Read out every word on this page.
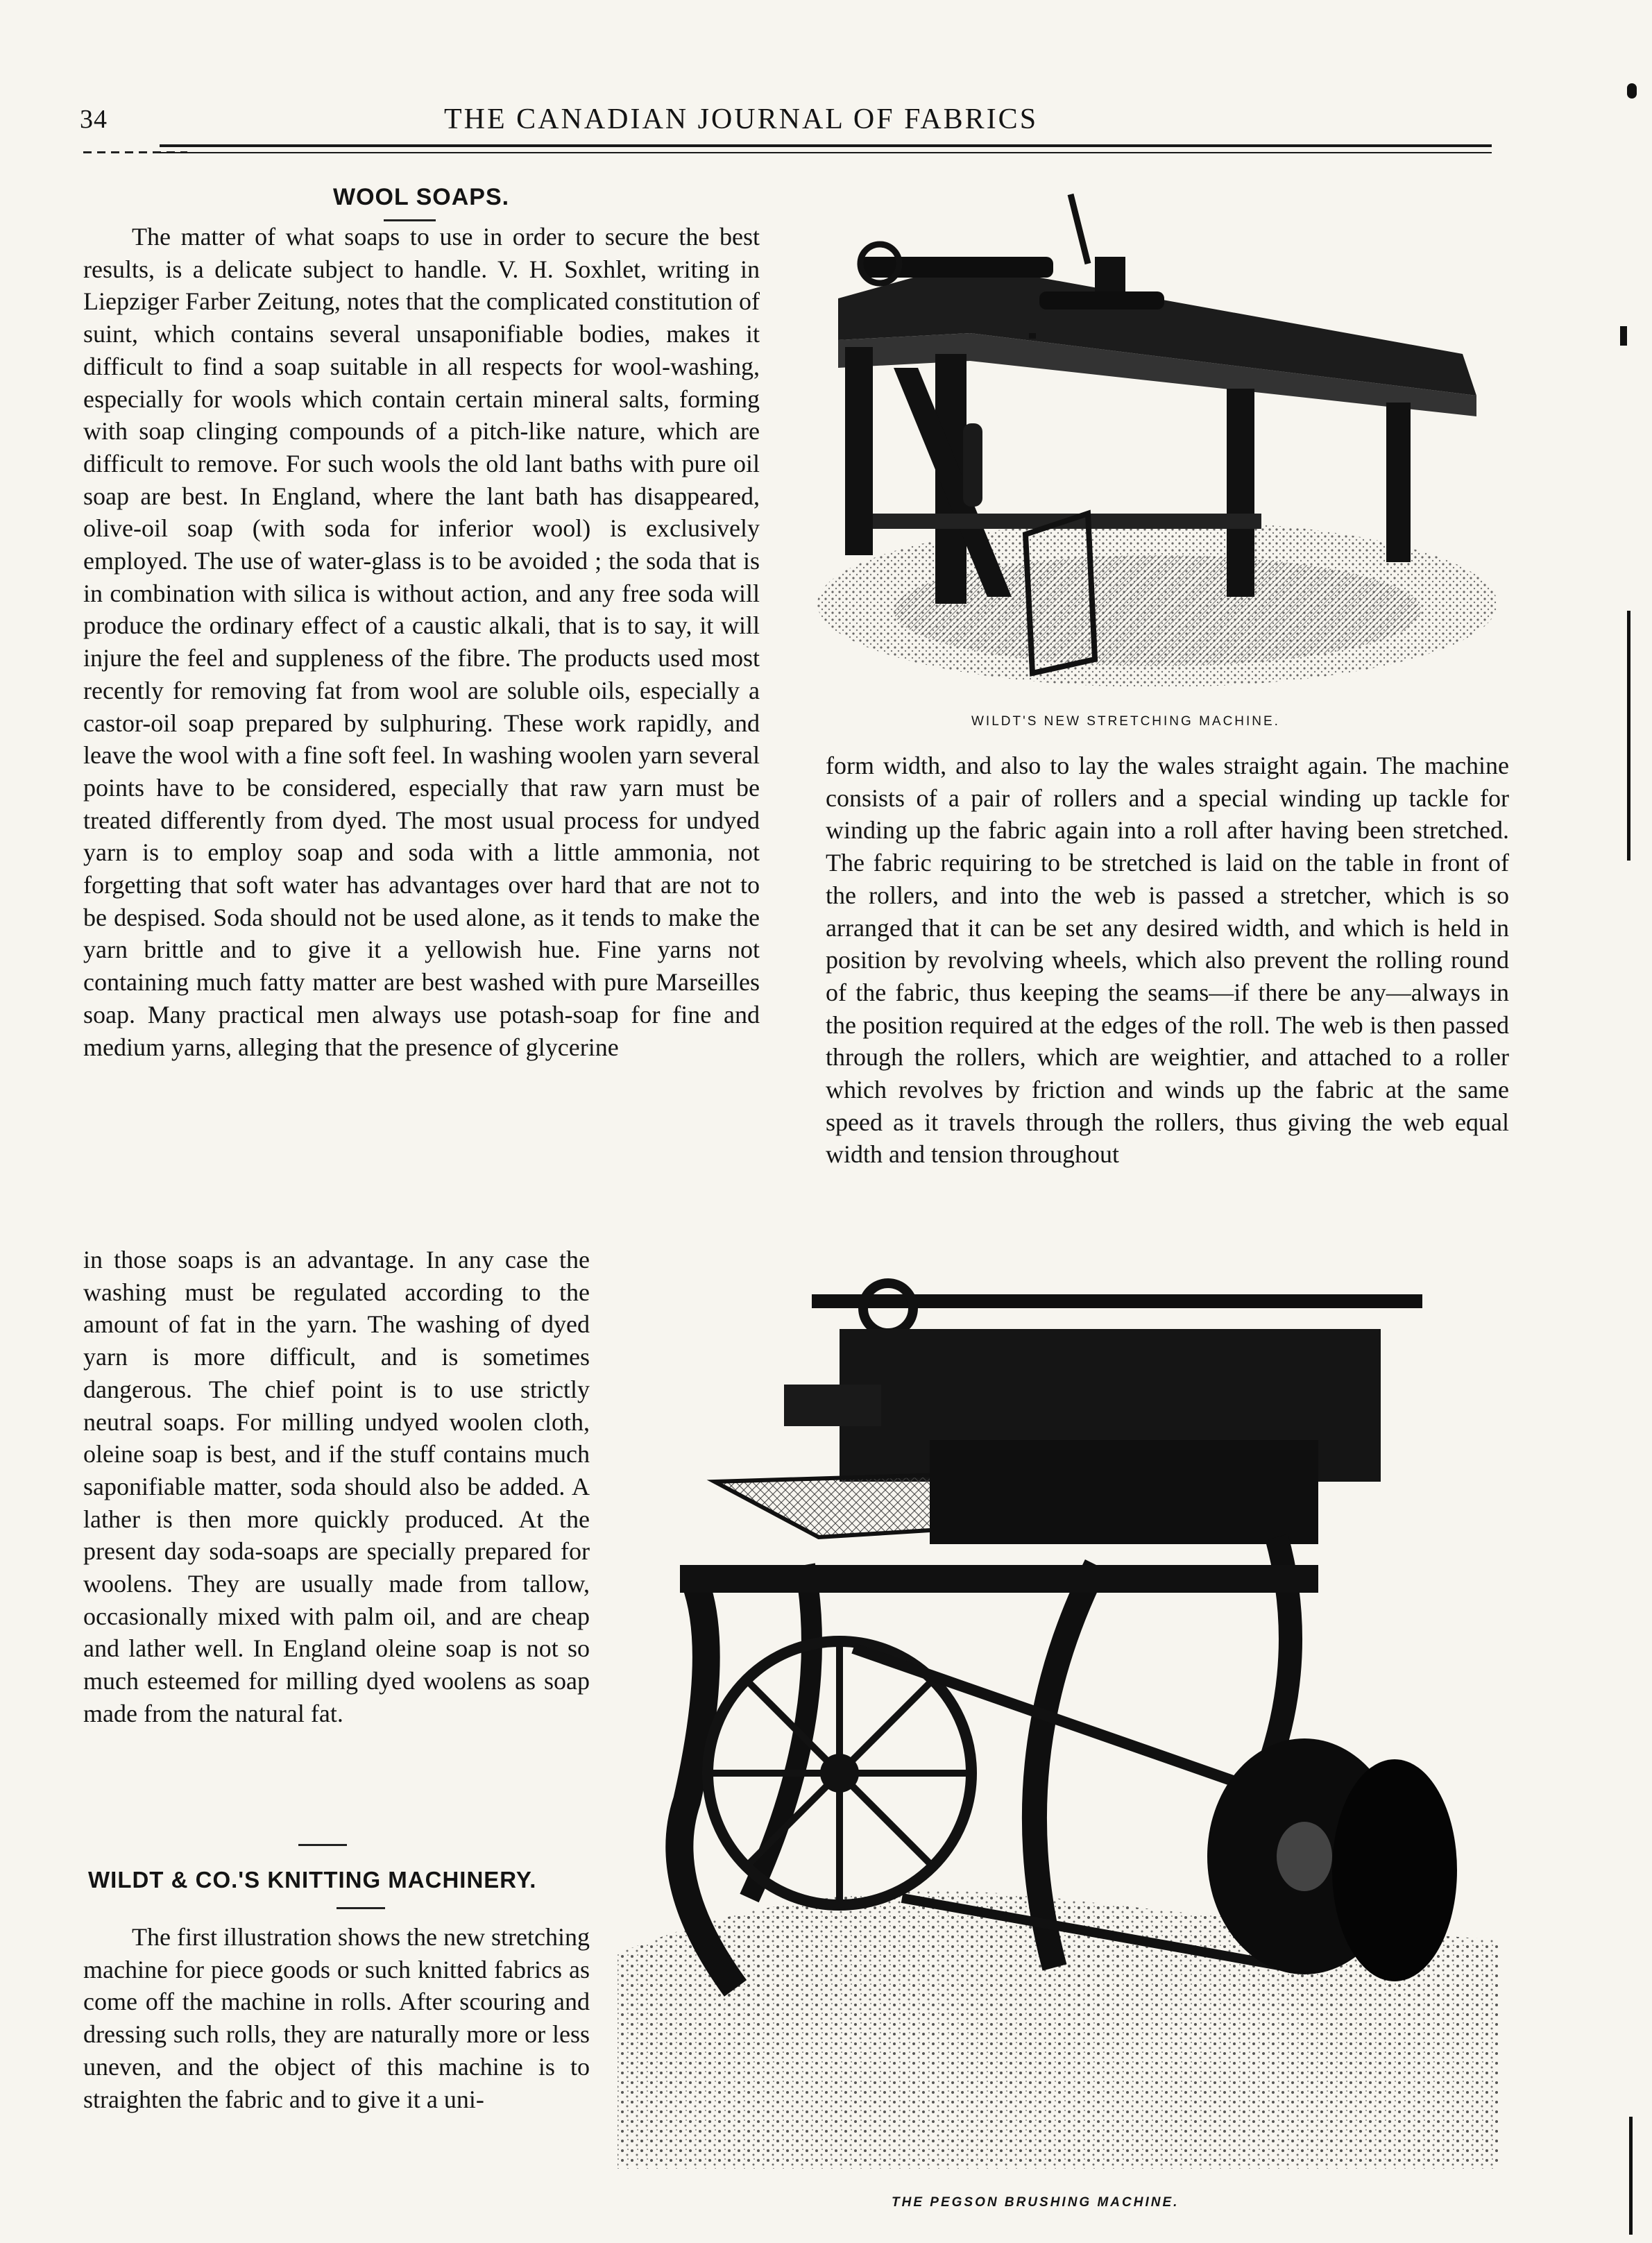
34	THE CANADIAN JOURNAL OF FABRICS
WOOL SOAPS.

The matter of what soaps to use in order to secure the best results, is a delicate subject to handle. V. H. Soxhlet, writing in Liepziger Farber Zeitung, notes that the complicated constitution of suint, which contains several unsaponifiable bodies, makes it difficult to find a soap suitable in all respects for wool-washing, especially for wools which contain certain mineral salts, forming with soap clinging compounds of a pitch-like nature, which are difficult to remove. For such wools the old lant baths with pure oil soap are best. In England, where the lant bath has disappeared, olive-oil soap (with soda for inferior wool) is exclusively employed. The use of water-glass is to be avoided ; the soda that is in combination with silica is without action, and any free soda will produce the ordinary effect of a caustic alkali, that is to say, it will injure the feel and suppleness of the fibre. The products used most recently for removing fat from wool are soluble oils, especially a castor-oil soap prepared by sulphuring. These work rapidly, and leave the wool with a fine soft feel. In washing woolen yarn several points have to be considered, especially that raw yarn must be treated differently from dyed. The most usual process for undyed yarn is to employ soap and soda with a little ammonia, not forgetting that soft water has advantages over hard that are not to be despised. Soda should not be used alone, as it tends to make the yarn brittle and to give it a yellowish hue. Fine yarns not containing much fatty matter are best washed with pure Marseilles soap. Many practical men always use potash-soap for fine and medium yarns, alleging that the presence of glycerine

in those soaps is an advantage. In any case the washing must be regulated according to the amount of fat in the yarn. The washing of dyed yarn is more difficult, and is sometimes dangerous. The chief point is to use strictly neutral soaps. For milling undyed woolen cloth, oleine soap is best, and if the stuff contains much saponifiable matter, soda should also be added. A lather is then more quickly produced. At the present day soda-soaps are specially prepared for woolens. They are usually made from tallow, occasionally mixed with palm oil, and are cheap and lather well. In England oleine soap is not so much esteemed for milling dyed woolens as soap made from the natural fat.

WILDT & CO.'S KNITTING MACHINERY.

The first illustration shows the new stretching machine for piece goods or such knitted fabrics as come off the machine in rolls. After scouring and dressing such rolls, they are naturally more or less uneven, and the object of this machine is to straighten the fabric and to give it a uni-

form width, and also to lay the wales straight again. The machine consists of a pair of rollers and a special winding up tackle for winding up the fabric again into a roll after having been stretched. The fabric requiring to be stretched is laid on the table in front of the rollers, and into the web is passed a stretcher, which is so arranged that it can be set any desired width, and which is held in position by revolving wheels, which also prevent the rolling round of the fabric, thus keeping the seams—if there be any—always in the position required at the edges of the roll. The web is then passed through the rollers, which are weightier, and attached to a roller which revolves by friction and winds up the fabric at the same speed as it travels through the rollers, thus giving the web equal width and tension throughout

WILDT'S NEW STRETCHING MACHINE.
THE PEGSON BRUSHING MACHINE.
